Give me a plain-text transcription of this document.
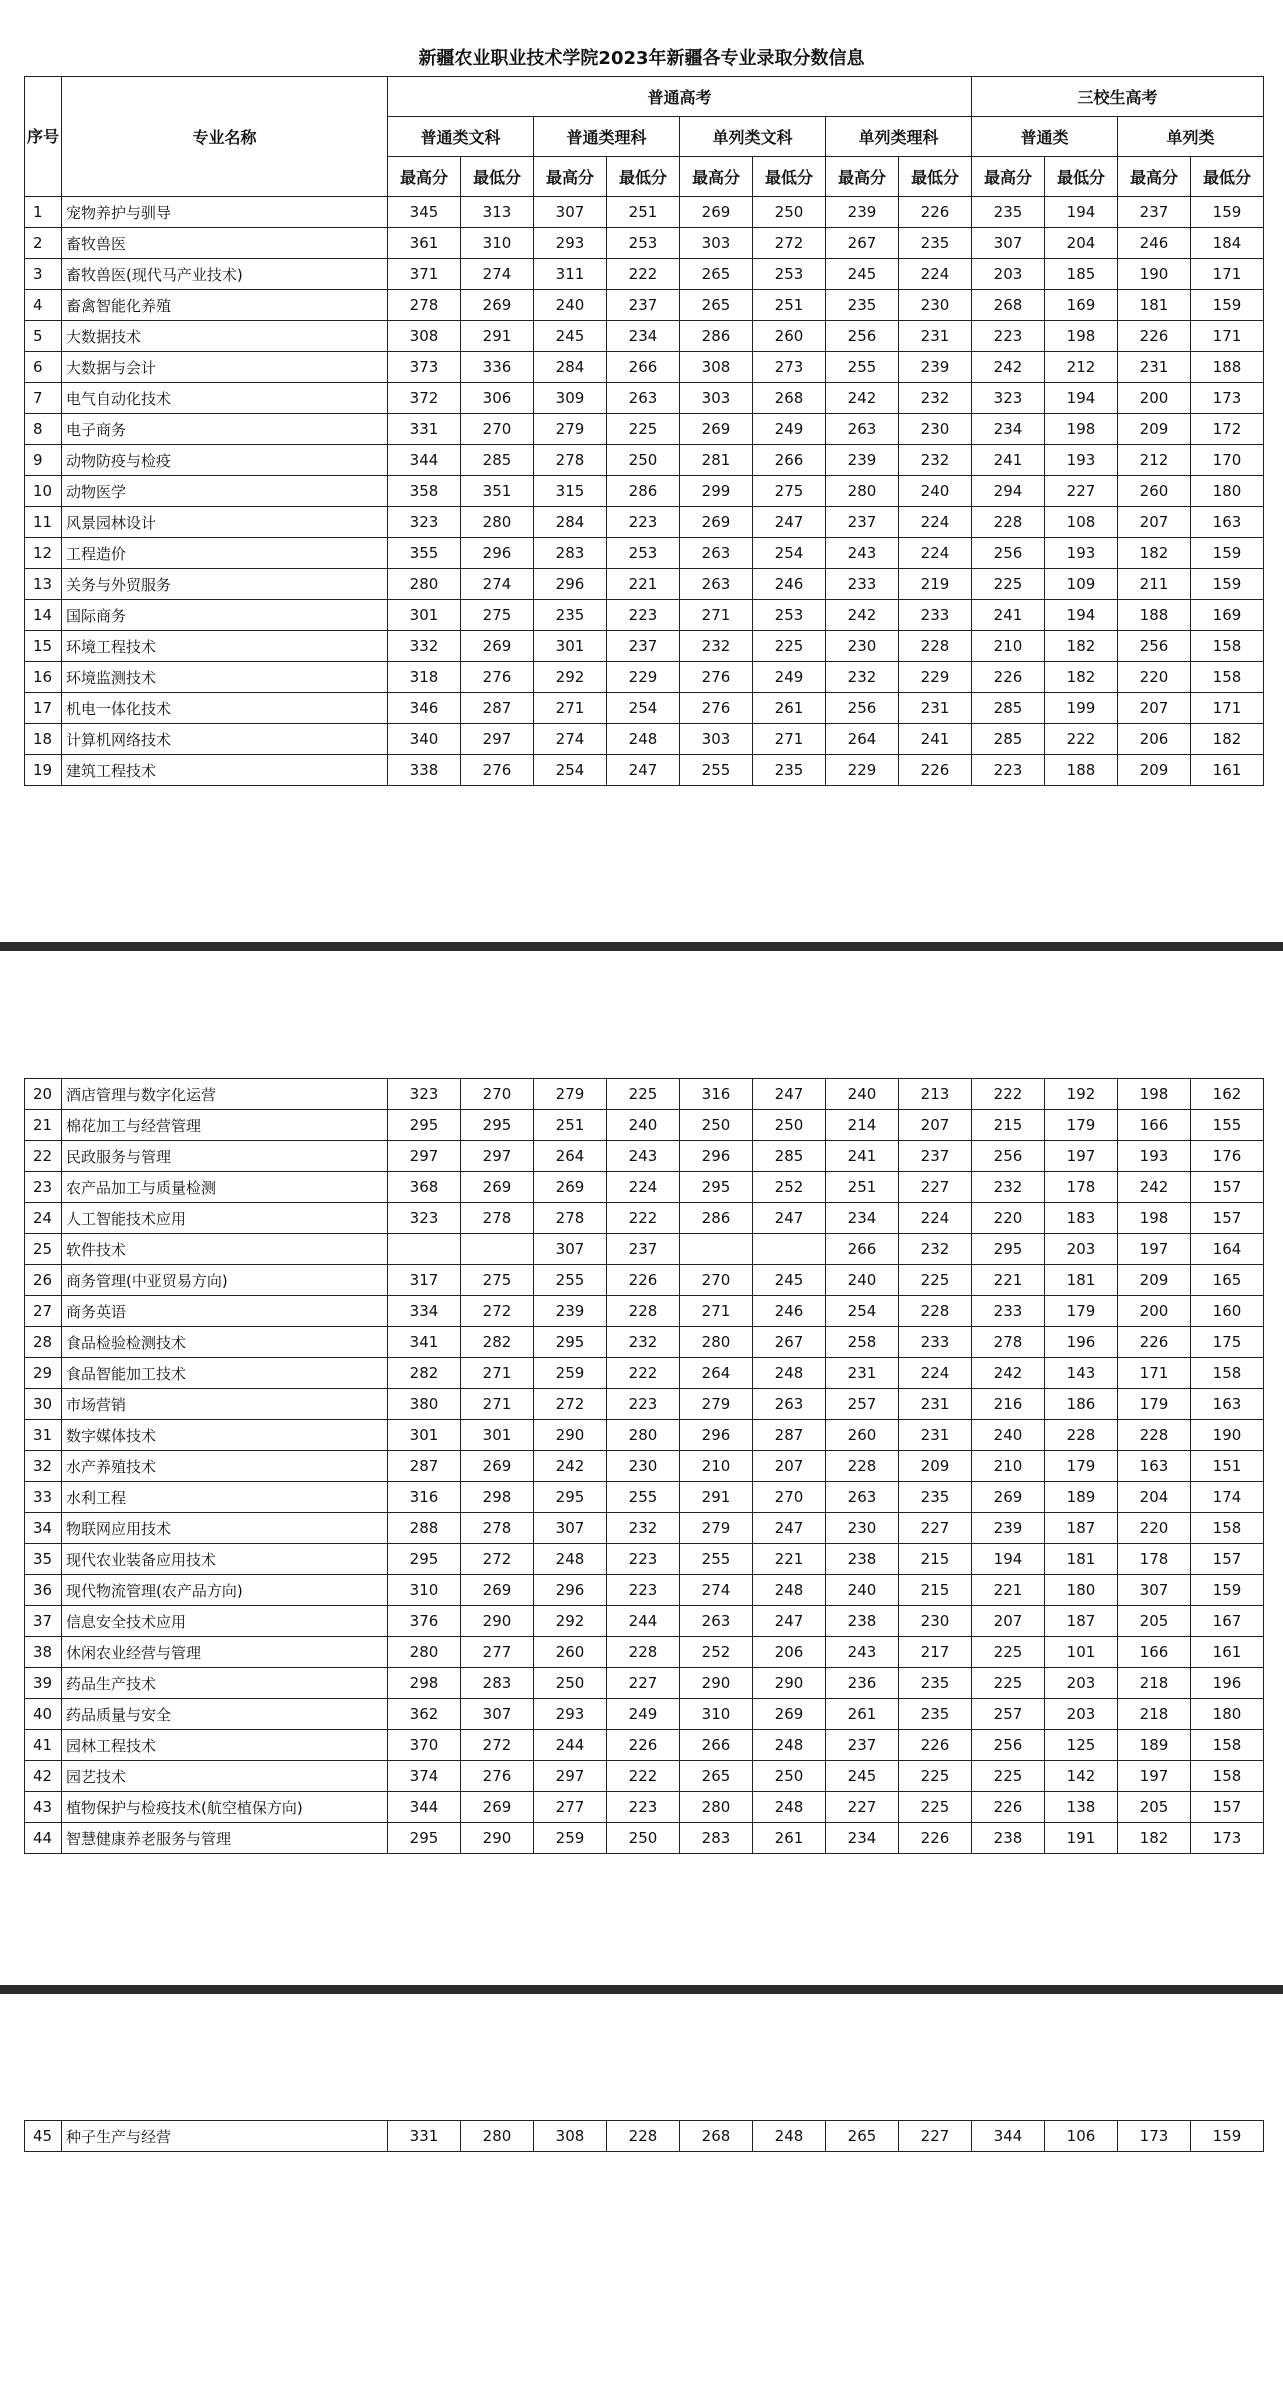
新疆农业职业技术学院2023年新疆各专业录取分数信息
序号	专业名称	普通高考								三校生高考			
		普通类文科		普通类理科		单列类文科		单列类理科		普通类		单列类	
		最高分	最低分	最高分	最低分	最高分	最低分	最高分	最低分	最高分	最低分	最高分	最低分
1	宠物养护与驯导	345	313	307	251	269	250	239	226	235	194	237	159
2	畜牧兽医	361	310	293	253	303	272	267	235	307	204	246	184
3	畜牧兽医(现代马产业技术)	371	274	311	222	265	253	245	224	203	185	190	171
4	畜禽智能化养殖	278	269	240	237	265	251	235	230	268	169	181	159
5	大数据技术	308	291	245	234	286	260	256	231	223	198	226	171
6	大数据与会计	373	336	284	266	308	273	255	239	242	212	231	188
7	电气自动化技术	372	306	309	263	303	268	242	232	323	194	200	173
8	电子商务	331	270	279	225	269	249	263	230	234	198	209	172
9	动物防疫与检疫	344	285	278	250	281	266	239	232	241	193	212	170
10	动物医学	358	351	315	286	299	275	280	240	294	227	260	180
11	风景园林设计	323	280	284	223	269	247	237	224	228	108	207	163
12	工程造价	355	296	283	253	263	254	243	224	256	193	182	159
13	关务与外贸服务	280	274	296	221	263	246	233	219	225	109	211	159
14	国际商务	301	275	235	223	271	253	242	233	241	194	188	169
15	环境工程技术	332	269	301	237	232	225	230	228	210	182	256	158
16	环境监测技术	318	276	292	229	276	249	232	229	226	182	220	158
17	机电一体化技术	346	287	271	254	276	261	256	231	285	199	207	171
18	计算机网络技术	340	297	274	248	303	271	264	241	285	222	206	182
19	建筑工程技术	338	276	254	247	255	235	229	226	223	188	209	161
20	酒店管理与数字化运营	323	270	279	225	316	247	240	213	222	192	198	162
21	棉花加工与经营管理	295	295	251	240	250	250	214	207	215	179	166	155
22	民政服务与管理	297	297	264	243	296	285	241	237	256	197	193	176
23	农产品加工与质量检测	368	269	269	224	295	252	251	227	232	178	242	157
24	人工智能技术应用	323	278	278	222	286	247	234	224	220	183	198	157
25	软件技术			307	237			266	232	295	203	197	164
26	商务管理(中亚贸易方向)	317	275	255	226	270	245	240	225	221	181	209	165
27	商务英语	334	272	239	228	271	246	254	228	233	179	200	160
28	食品检验检测技术	341	282	295	232	280	267	258	233	278	196	226	175
29	食品智能加工技术	282	271	259	222	264	248	231	224	242	143	171	158
30	市场营销	380	271	272	223	279	263	257	231	216	186	179	163
31	数字媒体技术	301	301	290	280	296	287	260	231	240	228	228	190
32	水产养殖技术	287	269	242	230	210	207	228	209	210	179	163	151
33	水利工程	316	298	295	255	291	270	263	235	269	189	204	174
34	物联网应用技术	288	278	307	232	279	247	230	227	239	187	220	158
35	现代农业装备应用技术	295	272	248	223	255	221	238	215	194	181	178	157
36	现代物流管理(农产品方向)	310	269	296	223	274	248	240	215	221	180	307	159
37	信息安全技术应用	376	290	292	244	263	247	238	230	207	187	205	167
38	休闲农业经营与管理	280	277	260	228	252	206	243	217	225	101	166	161
39	药品生产技术	298	283	250	227	290	290	236	235	225	203	218	196
40	药品质量与安全	362	307	293	249	310	269	261	235	257	203	218	180
41	园林工程技术	370	272	244	226	266	248	237	226	256	125	189	158
42	园艺技术	374	276	297	222	265	250	245	225	225	142	197	158
43	植物保护与检疫技术(航空植保方向)	344	269	277	223	280	248	227	225	226	138	205	157
44	智慧健康养老服务与管理	295	290	259	250	283	261	234	226	238	191	182	173
45	种子生产与经营	331	280	308	228	268	248	265	227	344	106	173	159
